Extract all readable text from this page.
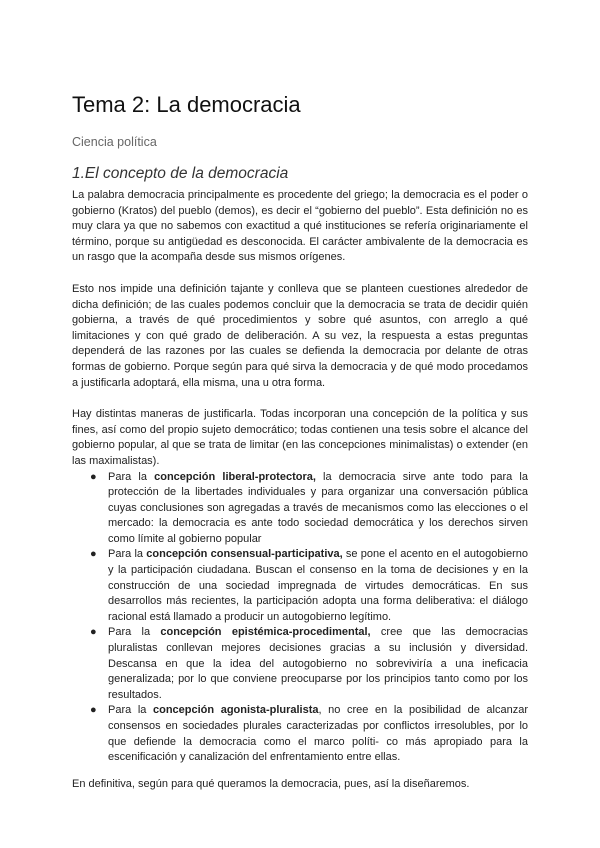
Tema 2: La democracia
Ciencia política
1.El concepto de la democracia

La palabra democracia principalmente es procedente del griego; la democracia es el poder o gobierno (Kratos) del pueblo (demos), es decir el “gobierno del pueblo”. Esta definición no es muy clara ya que no sabemos con exactitud a qué instituciones se refería originariamente el término, porque su antigüedad es desconocida. El carácter ambivalente de la democracia es un rasgo que la acompaña desde sus mismos orígenes.

Esto nos impide una definición tajante y conlleva que se planteen cuestiones alrededor de dicha definición; de las cuales podemos concluir que la democracia se trata de decidir quién gobierna, a través de qué procedimientos y sobre qué asuntos, con arreglo a qué limitaciones y con qué grado de deliberación. A su vez, la respuesta a estas preguntas dependerá de las razones por las cuales se defienda la democracia por delante de otras formas de gobierno. Porque según para qué sirva la democracia y de qué modo procedamos a justificarla adoptará, ella misma, una u otra forma.

Hay distintas maneras de justificarla. Todas incorporan una concepción de la política y sus fines, así como del propio sujeto democrático; todas contienen una tesis sobre el alcance del gobierno popular, al que se trata de limitar (en las concepciones minimalistas) o extender (en las maximalistas).

● Para la concepción liberal-protectora, la democracia sirve ante todo para la protección de la libertades individuales y para organizar una conversación pública cuyas conclusiones son agregadas a través de mecanismos como las elecciones o el mercado: la democracia es ante todo sociedad democrática y los derechos sirven como límite al gobierno popular
● Para la concepción consensual-participativa, se pone el acento en el autogobierno y la participación ciudadana. Buscan el consenso en la toma de decisiones y en la construcción de una sociedad impregnada de virtudes democráticas. En sus desarrollos más recientes, la participación adopta una forma deliberativa: el diálogo racional está llamado a producir un autogobierno legítimo.
● Para la concepción epistémica-procedimental, cree que las democracias pluralistas conllevan mejores decisiones gracias a su inclusión y diversidad. Descansa en que la idea del autogobierno no sobreviviría a una ineficacia generalizada; por lo que conviene preocuparse por los principios tanto como por los resultados.
● Para la concepción agonista-pluralista, no cree en la posibilidad de alcanzar consensos en sociedades plurales caracterizadas por conflictos irresolubles, por lo que defiende la democracia como el marco políti- co más apropiado para la escenificación y canalización del enfrentamiento entre ellas.

En definitiva, según para qué queramos la democracia, pues, así la diseñaremos.
